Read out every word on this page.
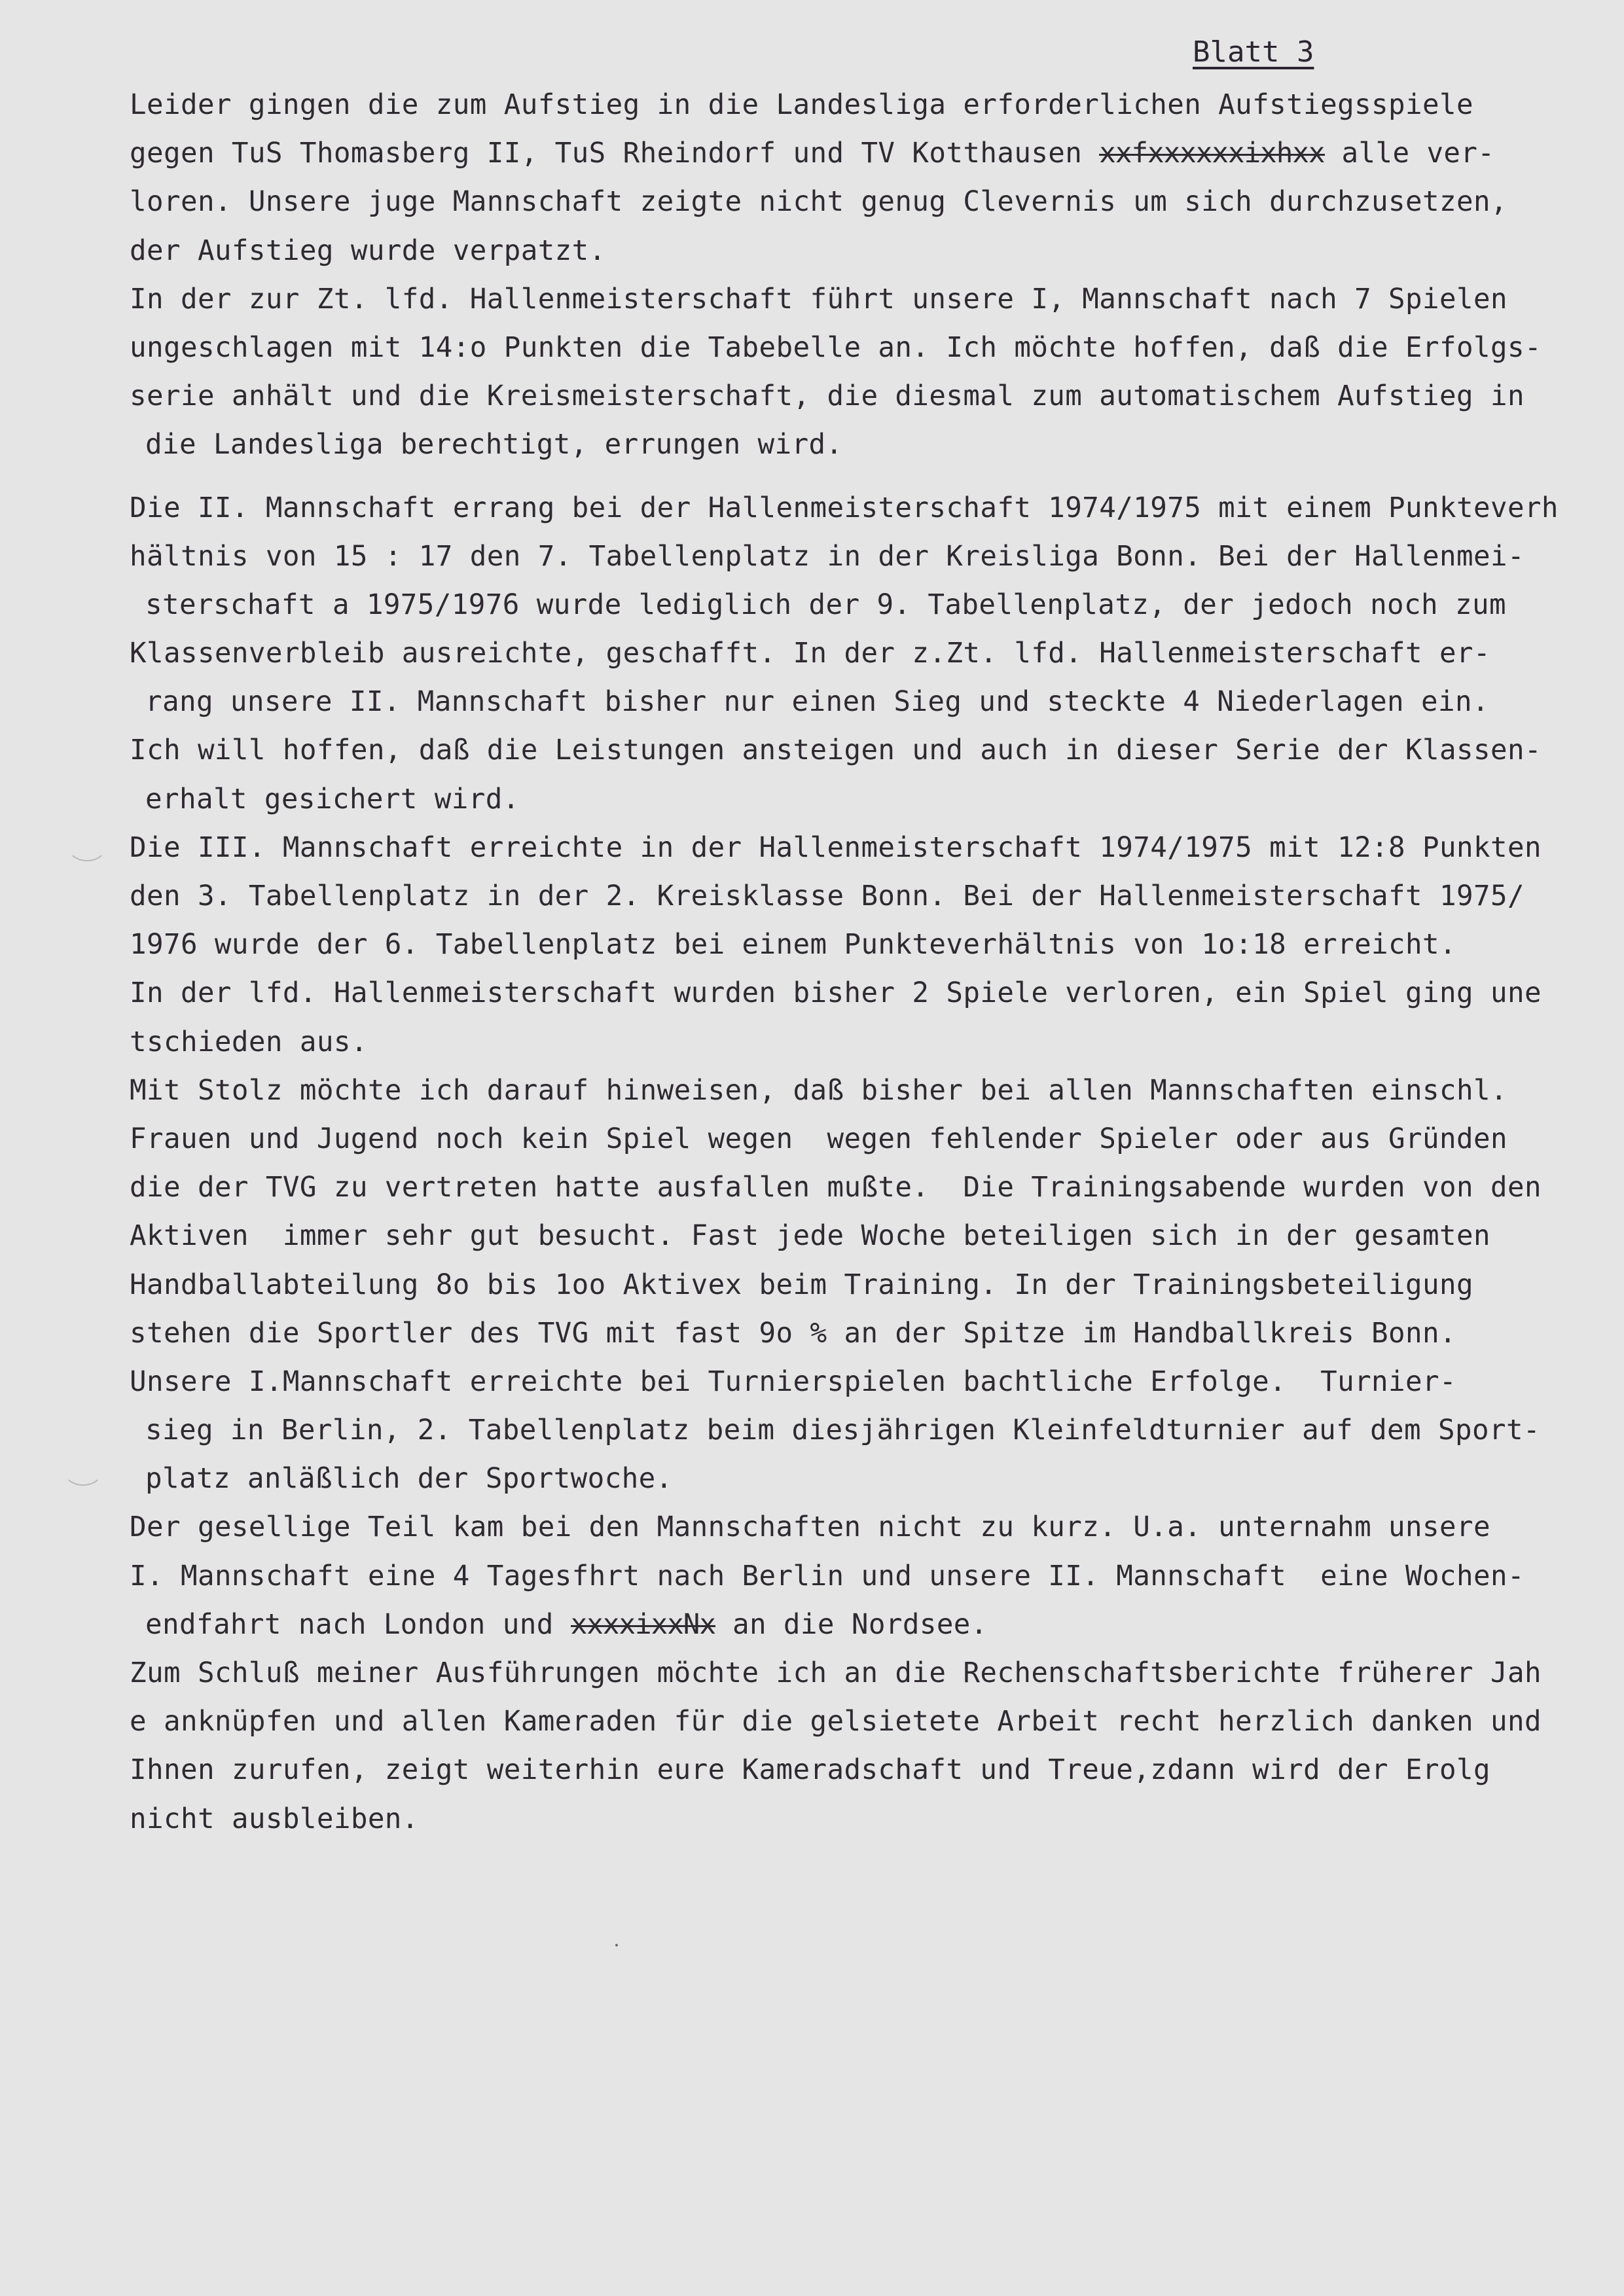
Blatt 3
Leider gingen die zum Aufstieg in die Landesliga erforderlichen Aufstiegsspiele
gegen TuS Thomasberg II, TuS Rheindorf und TV Kotthausen xxfxxxxxxixhxx alle ver-
loren. Unsere juge Mannschaft zeigte nicht genug Clevernis um sich durchzusetzen,
der Aufstieg wurde verpatzt.
In der zur Zt. lfd. Hallenmeisterschaft führt unsere I, Mannschaft nach 7 Spielen
ungeschlagen mit 14:o Punkten die Tabebelle an. Ich möchte hoffen, daß die Erfolgs-
serie anhält und die Kreismeisterschaft, die diesmal zum automatischem Aufstieg in
die Landesliga berechtigt, errungen wird.
Die II. Mannschaft errang bei der Hallenmeisterschaft 1974/1975 mit einem Punkteverh
hältnis von 15 : 17 den 7. Tabellenplatz in der Kreisliga Bonn. Bei der Hallenmei-
sterschaft a 1975/1976 wurde lediglich der 9. Tabellenplatz, der jedoch noch zum
Klassenverbleib ausreichte, geschafft. In der z.Zt. lfd. Hallenmeisterschaft er-
rang unsere II. Mannschaft bisher nur einen Sieg und steckte 4 Niederlagen ein.
Ich will hoffen, daß die Leistungen ansteigen und auch in dieser Serie der Klassen-
erhalt gesichert wird.
Die III. Mannschaft erreichte in der Hallenmeisterschaft 1974/1975 mit 12:8 Punkten
den 3. Tabellenplatz in der 2. Kreisklasse Bonn. Bei der Hallenmeisterschaft 1975/
1976 wurde der 6. Tabellenplatz bei einem Punkteverhältnis von 1o:18 erreicht.
In der lfd. Hallenmeisterschaft wurden bisher 2 Spiele verloren, ein Spiel ging une
tschieden aus.
Mit Stolz möchte ich darauf hinweisen, daß bisher bei allen Mannschaften einschl.
Frauen und Jugend noch kein Spiel wegen  wegen fehlender Spieler oder aus Gründen
die der TVG zu vertreten hatte ausfallen mußte.  Die Trainingsabende wurden von den
Aktiven  immer sehr gut besucht. Fast jede Woche beteiligen sich in der gesamten
Handballabteilung 8o bis 1oo Aktivex beim Training. In der Trainingsbeteiligung
stehen die Sportler des TVG mit fast 9o % an der Spitze im Handballkreis Bonn.
Unsere I.Mannschaft erreichte bei Turnierspielen bachtliche Erfolge.  Turnier-
sieg in Berlin, 2. Tabellenplatz beim diesjährigen Kleinfeldturnier auf dem Sport-
platz anläßlich der Sportwoche.
Der gesellige Teil kam bei den Mannschaften nicht zu kurz. U.a. unternahm unsere
I. Mannschaft eine 4 Tagesfhrt nach Berlin und unsere II. Mannschaft  eine Wochen-
endfahrt nach London und xxxxixxNx an die Nordsee.
Zum Schluß meiner Ausführungen möchte ich an die Rechenschaftsberichte früherer Jah
e anknüpfen und allen Kameraden für die gelsietete Arbeit recht herzlich danken und
Ihnen zurufen, zeigt weiterhin eure Kameradschaft und Treue,zdann wird der Erolg
nicht ausbleiben.
